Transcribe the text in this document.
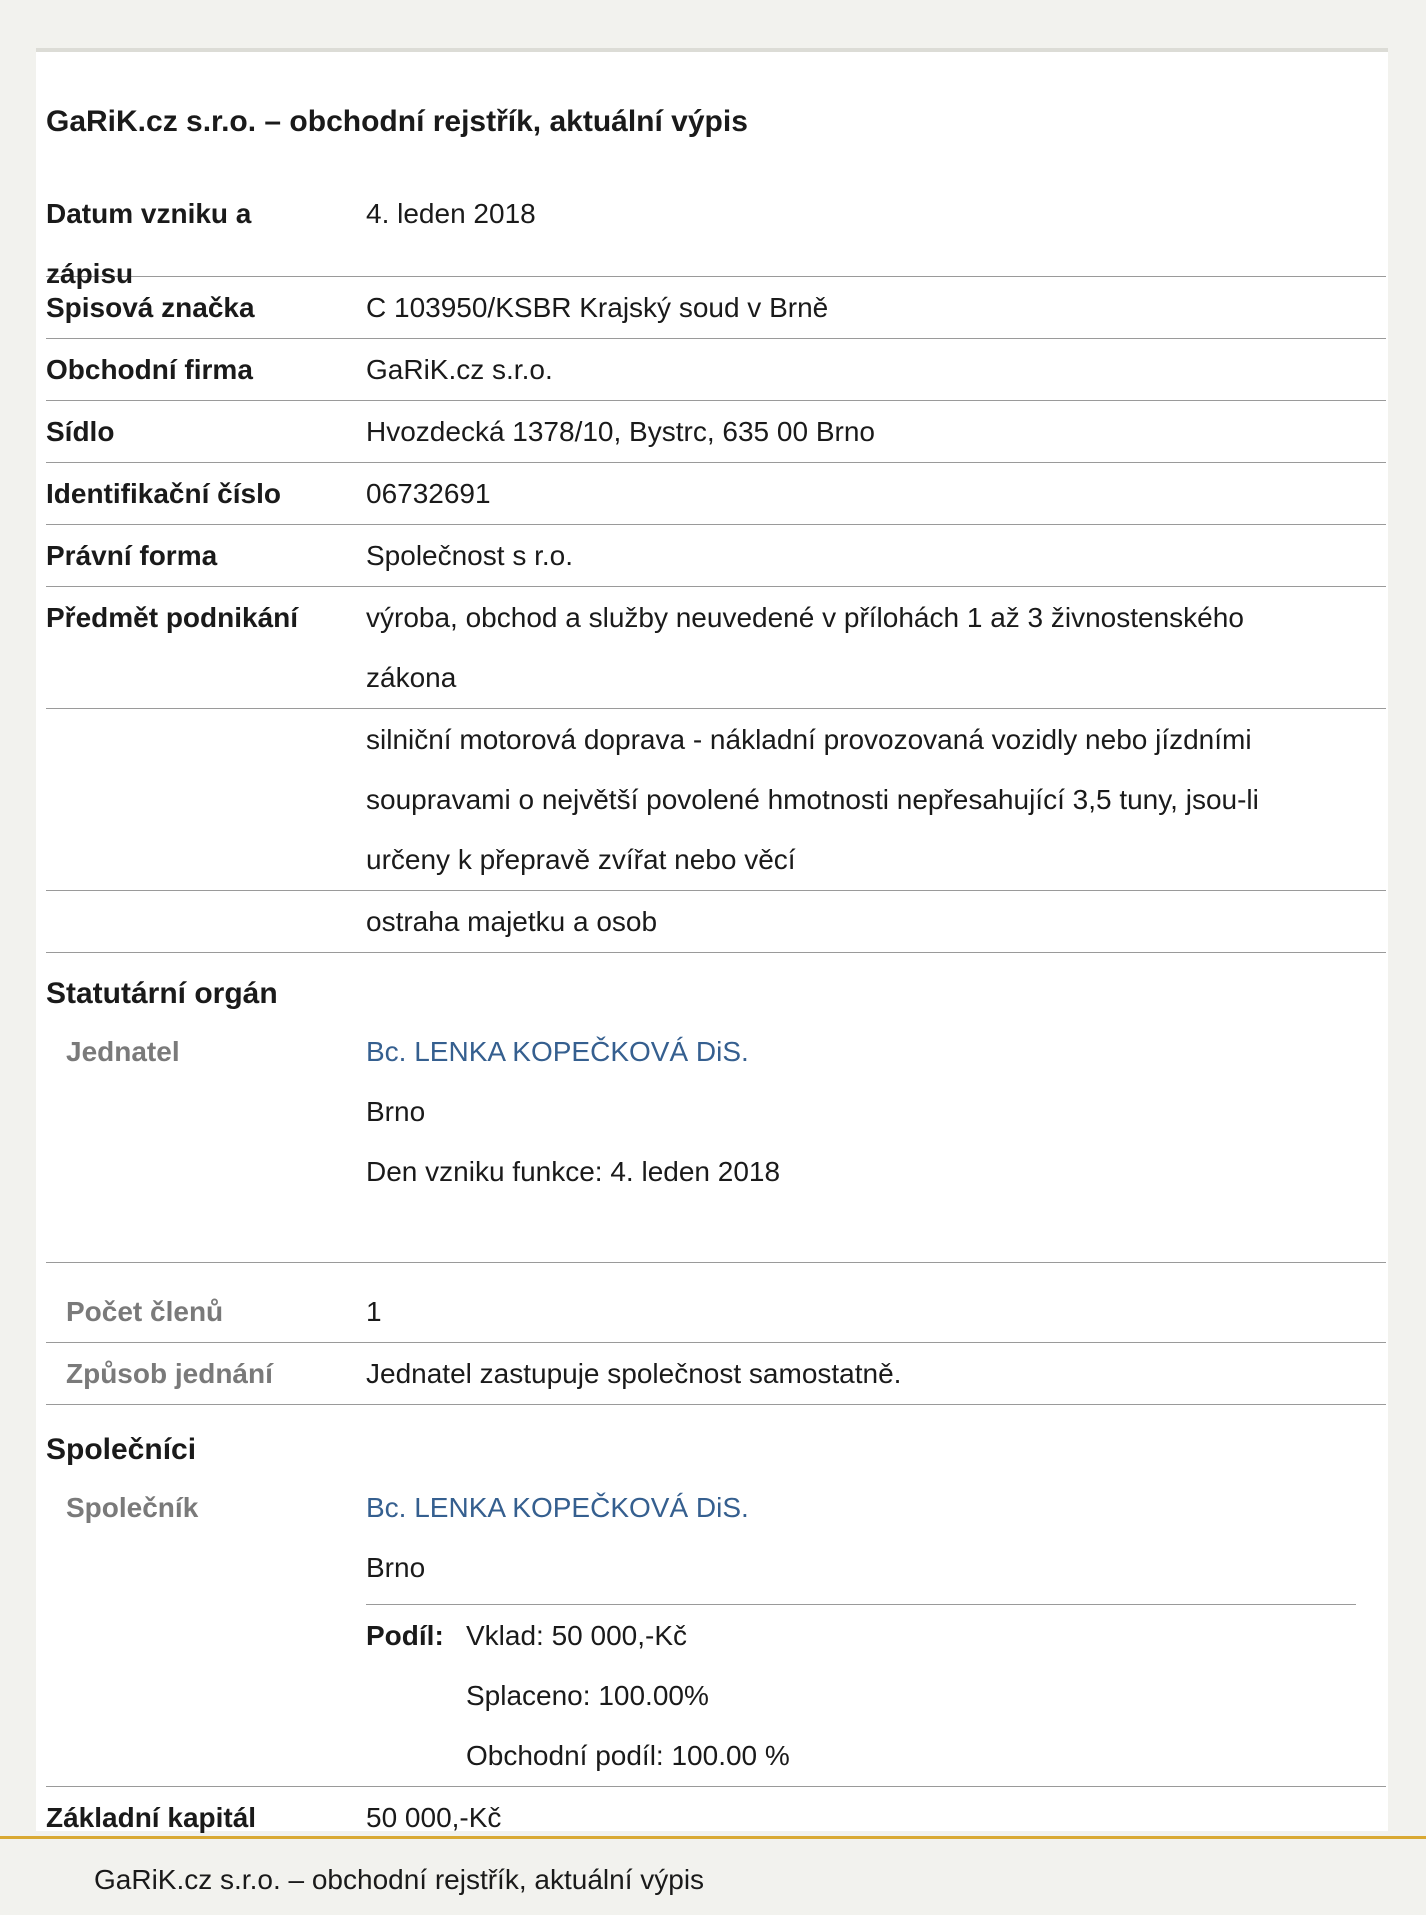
GaRiK.cz s.r.o. – obchodní rejstřík, aktuální výpis
Datum vzniku a
zápisu
4. leden 2018
Spisová značka	C 103950/KSBR Krajský soud v Brně
Obchodní firma	GaRiK.cz s.r.o.
Sídlo	Hvozdecká 1378/10, Bystrc, 635 00 Brno
Identifikační číslo	06732691
Právní forma	Společnost s r.o.
Předmět podnikání	výroba, obchod a služby neuvedené v přílohách 1 až 3 živnostenského
zákona
silniční motorová doprava - nákladní provozovaná vozidly nebo jízdními
soupravami o největší povolené hmotnosti nepřesahující 3,5 tuny, jsou-li
určeny k přepravě zvířat nebo věcí
ostraha majetku a osob
Statutární orgán
Jednatel	Bc. LENKA KOPEČKOVÁ DiS.
Brno
Den vzniku funkce: 4. leden 2018
Počet členů	1
Způsob jednání	Jednatel zastupuje společnost samostatně.
Společníci
Společník	Bc. LENKA KOPEČKOVÁ DiS.
Brno
Podíl: Vklad: 50 000,-Kč
Splaceno: 100.00%
Obchodní podíl: 100.00 %
Základní kapitál	50 000,-Kč
GaRiK.cz s.r.o. – obchodní rejstřík, aktuální výpis
